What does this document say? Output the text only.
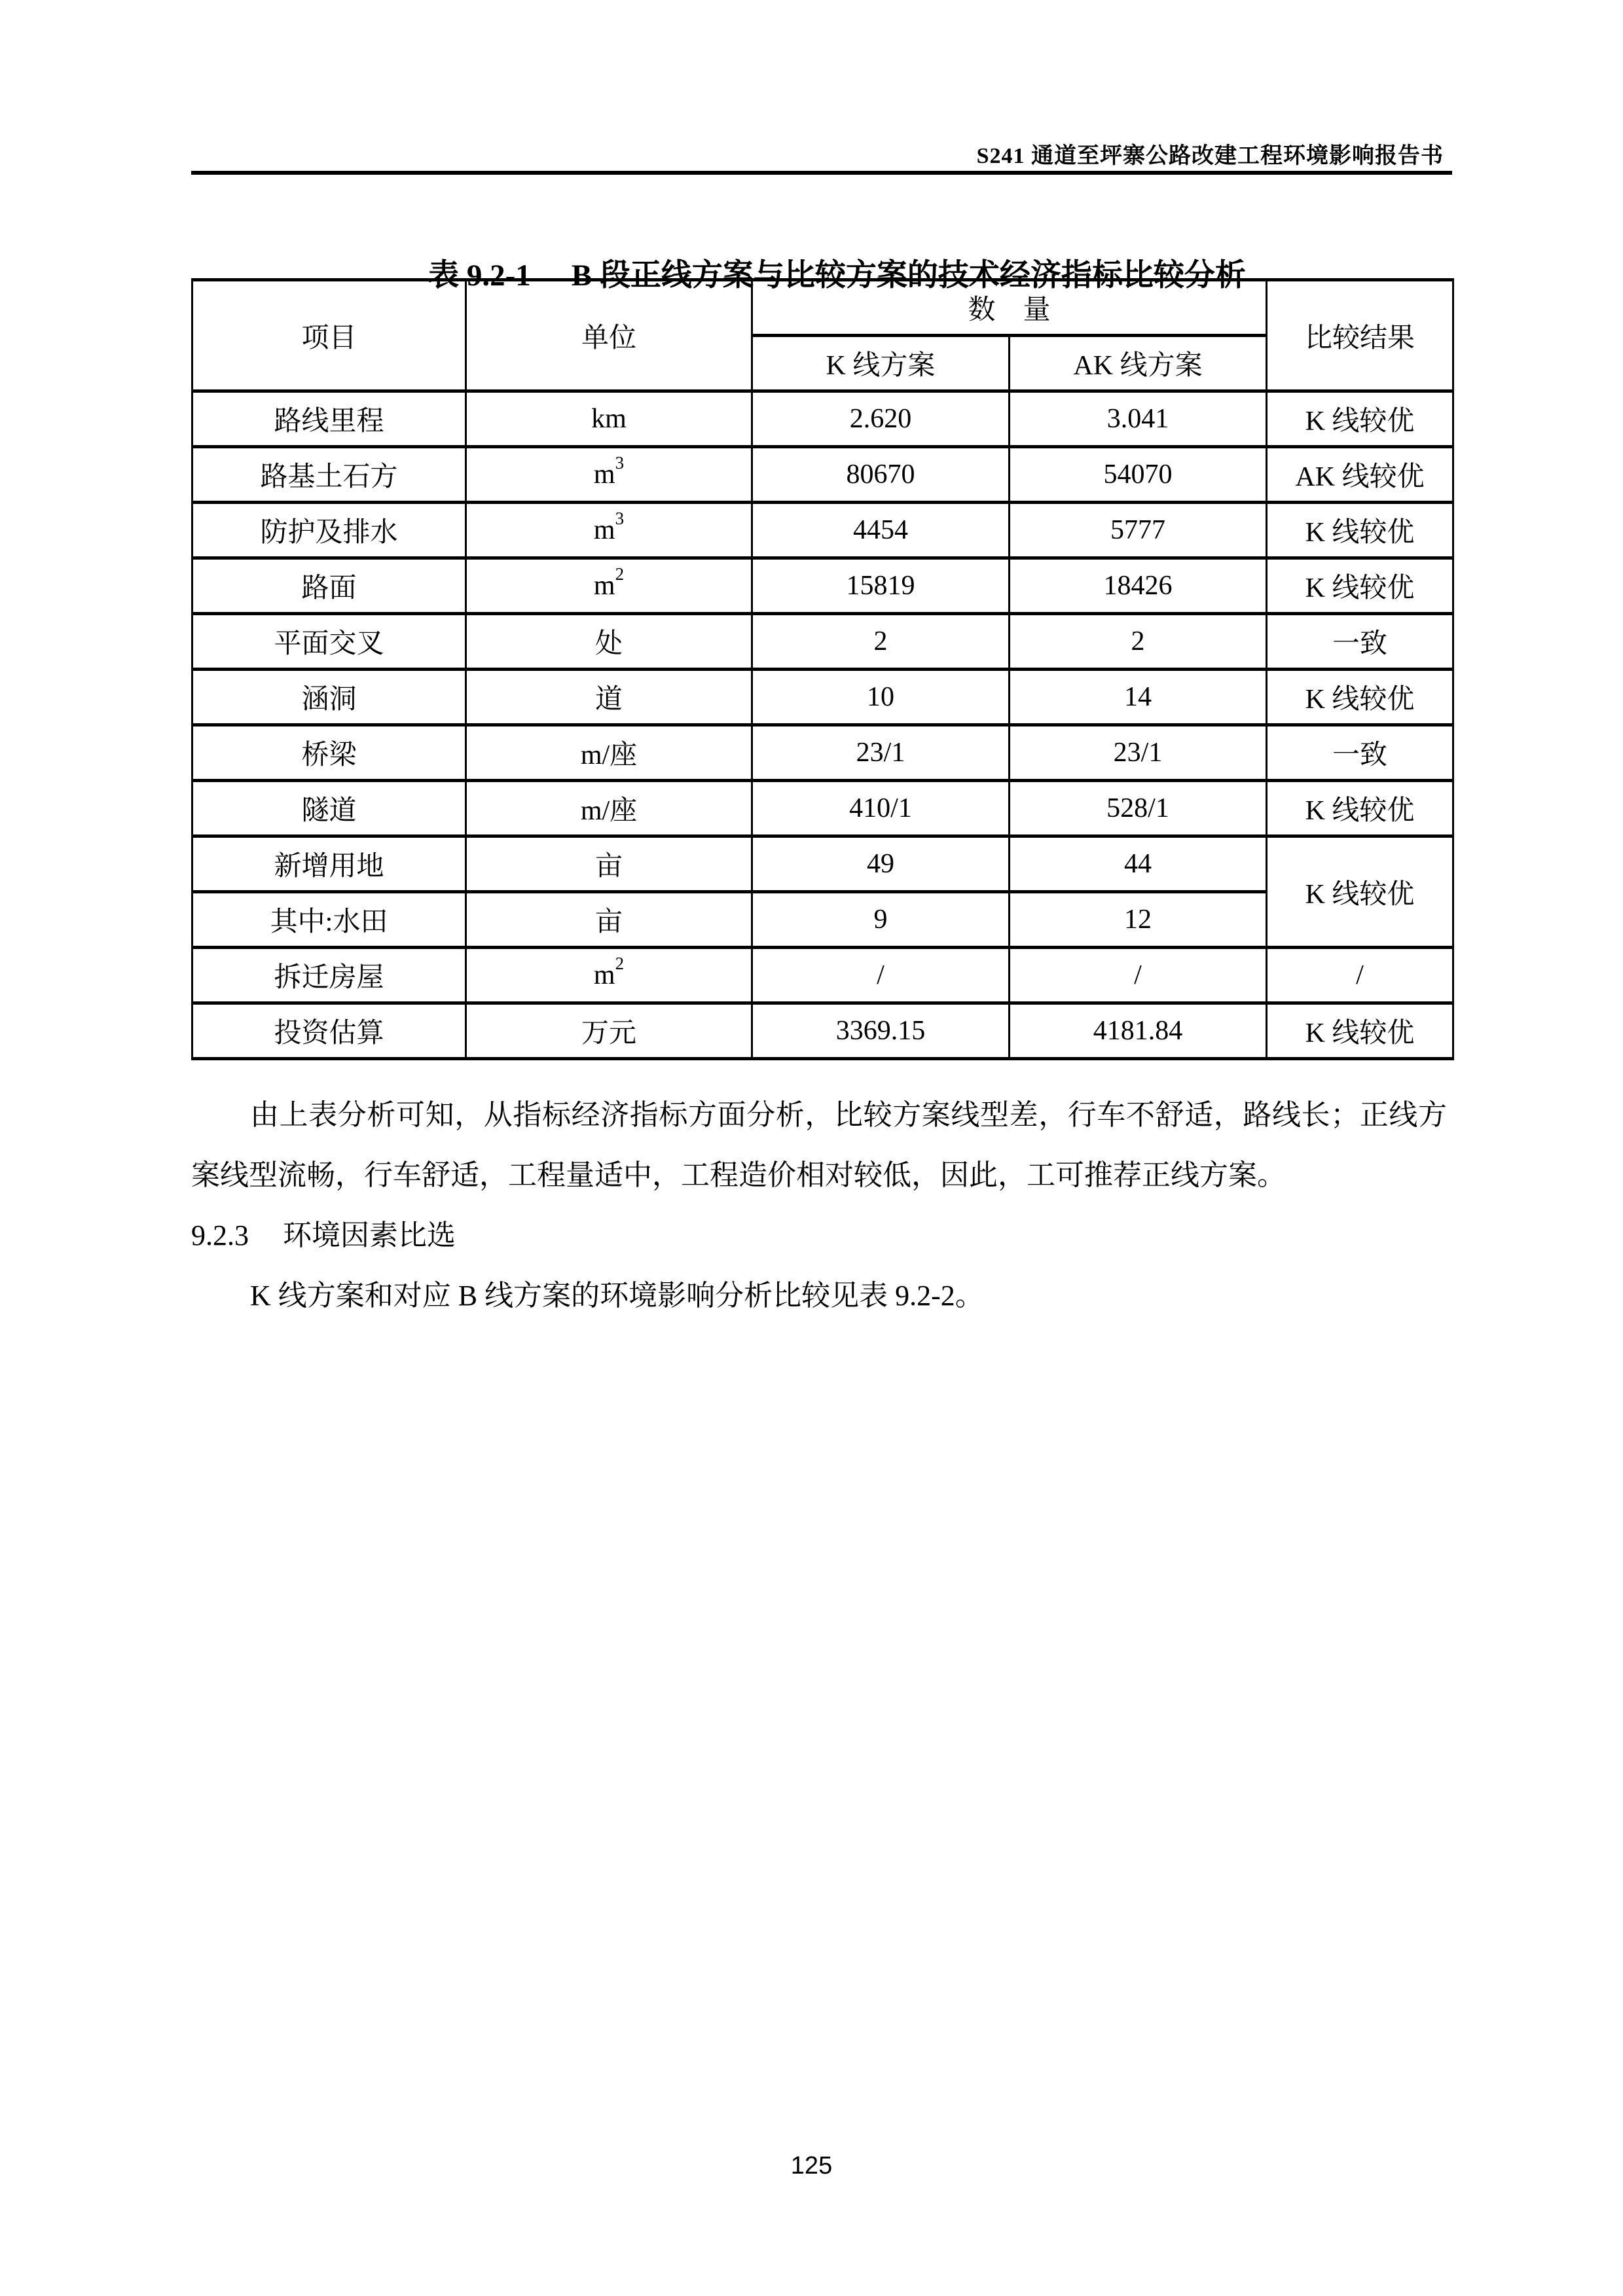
S241 通道至坪寨公路改建工程环境影响报告书

表 9.2-1 B 段正线方案与比较方案的技术经济指标比较分析

项目	单位	数　量		比较结果
		K 线方案	AK 线方案	
路线里程	km	2.620	3.041	K 线较优
路基土石方	$m^3$	80670	54070	AK 线较优
防护及排水	$m^3$	4454	5777	K 线较优
路面	$m^2$	15819	18426	K 线较优
平面交叉	处	2	2	一致
涵洞	道	10	14	K 线较优
桥梁	m/座	23/1	23/1	一致
隧道	m/座	410/1	528/1	K 线较优
新增用地	亩	49	44	K 线较优
其中:水田	亩	9	12	
拆迁房屋	$m^2$	/	/	/
投资估算	万元	3369.15	4181.84	K 线较优

由上表分析可知，从指标经济指标方面分析，比较方案线型差，行车不舒适，路线长；正线方案线型流畅，行车舒适，工程量适中，工程造价相对较低，因此，工可推荐正线方案。

9.2.3 环境因素比选

K 线方案和对应 B 线方案的环境影响分析比较见表 9.2-2。

125
